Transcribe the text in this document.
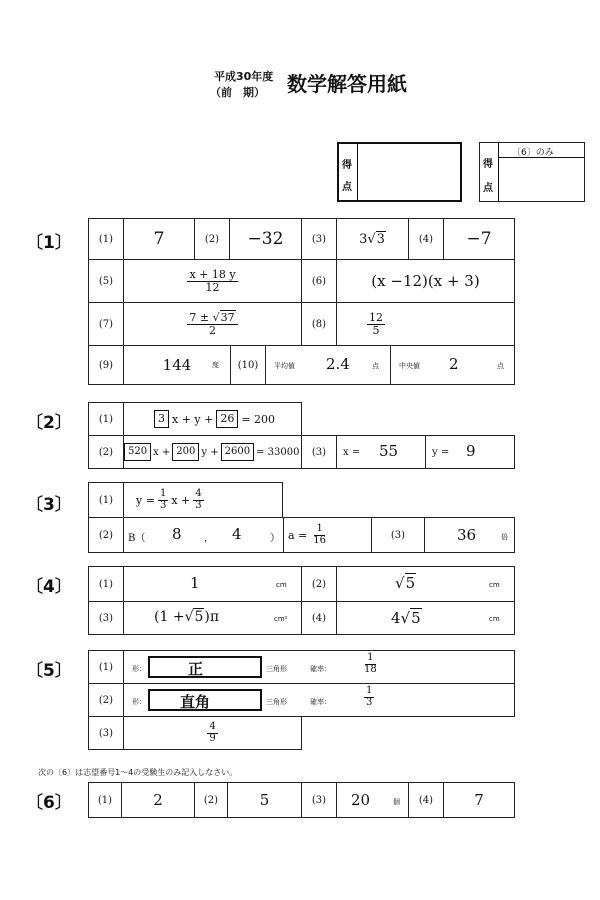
平成30年度
（前　期） 数学解答用紙
得
点
〔6〕のみ
得
点
〔1〕	(1) 7	(2) −32	(3)	3 √ 3	(4) −7
(5)	$\frac{x + 18 y}{12}$	(6)	(x −12)(x + 3)
(7)	$\frac{7 \pm √37}{2}$	(8)	$\frac{12}{5}$
(9)	144	度 (10) 平均値 2.4	点	中央値 2	点
〔2〕	(1)	3 x + y + 26 = 200
(2)	520 x + 200 y + 2600 = 33000 (3) x = 55	y = 9
〔3〕	(1) $y = \frac{1}{3}$ $x + \frac{4}{3}$
(2) B（ 8 ， 4	） $a = \frac{1}{16}$	(3)	36	倍
〔4〕	(1)	1	cm	(2)	√5	cm
(3)	(1 +√5)π	cm² (4)	4√5	cm
〔5〕	(1)	形：	正	三角形	確率：	$\frac{1}{18}$
(2)	形： 直角	三角形	確率：	$\frac{1}{3}$
(3)	$\frac{4}{9}$
次の〔6〕は志望番号1～4の受験生のみ記入しなさい。
〔6〕	(1)	2	(2)	5	(3) 20	個 (4)	7
